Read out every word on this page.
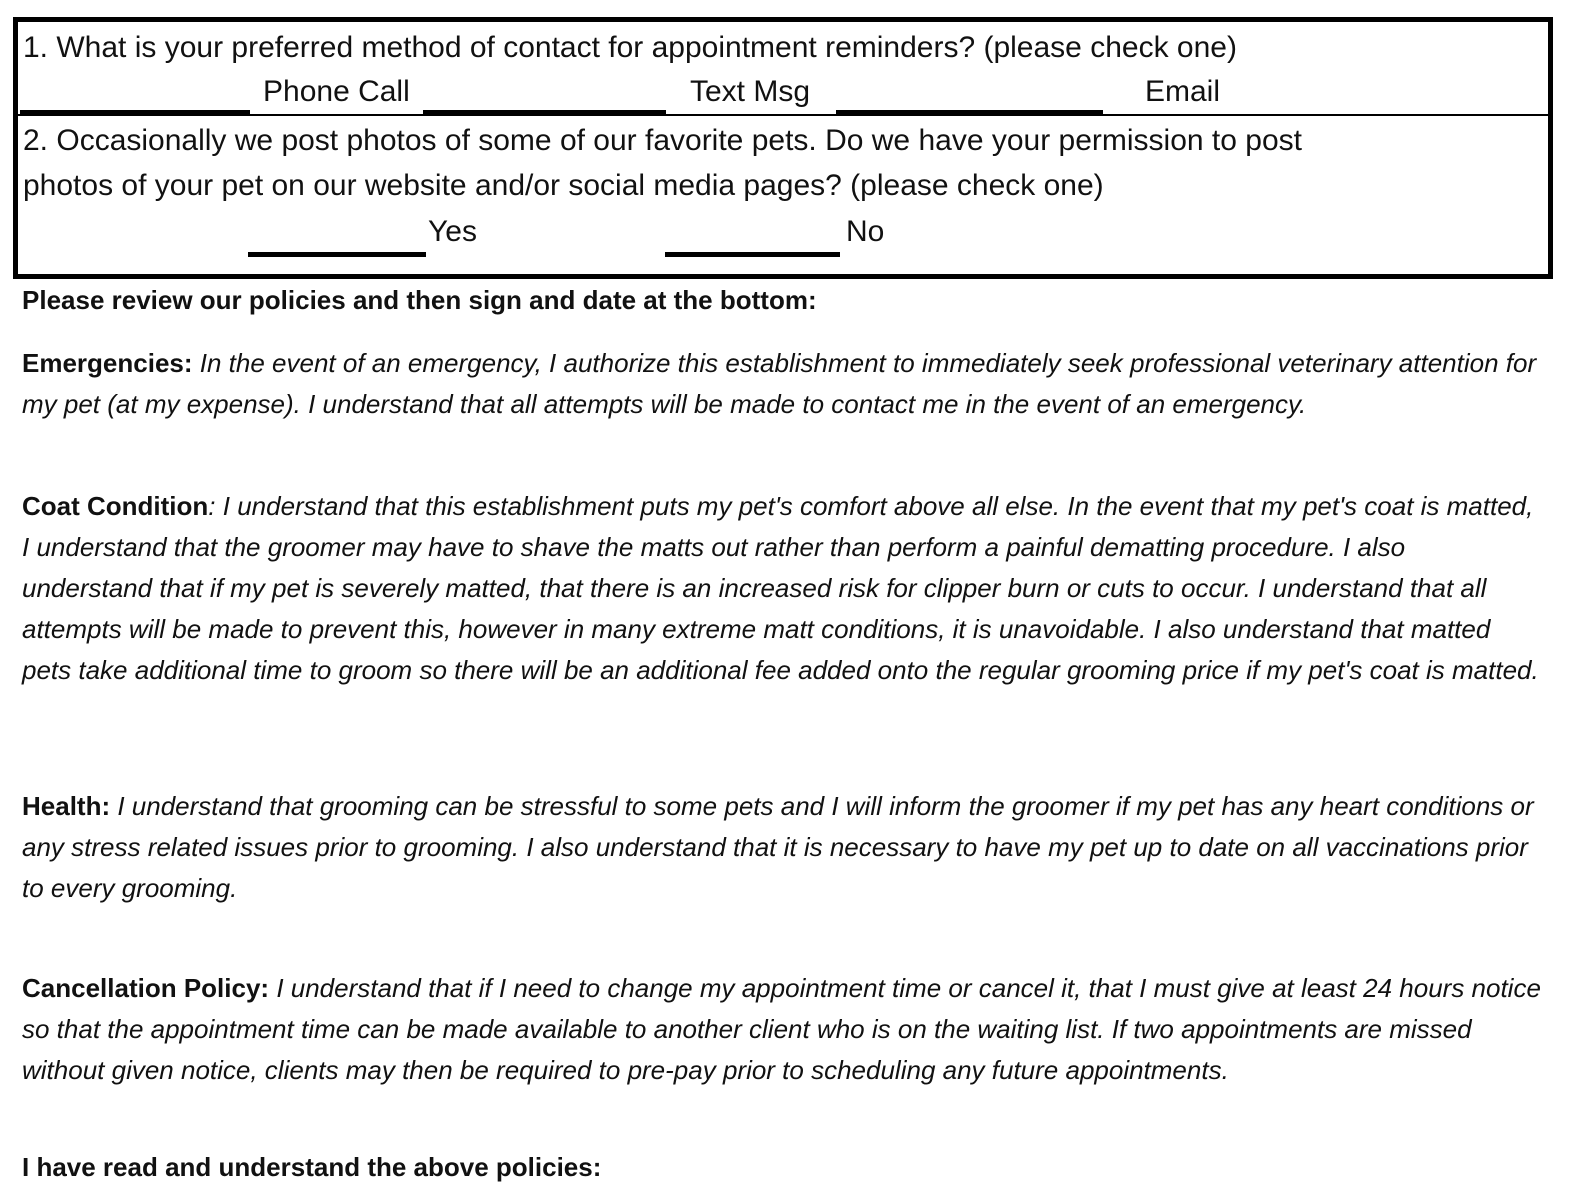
1. What is your preferred method of contact for appointment reminders? (please check one)
Phone Call	Text Msg	Email
2. Occasionally we post photos of some of our favorite pets. Do we have your permission to post
photos of your pet on our website and/or social media pages? (please check one)
Yes	No
Please review our policies and then sign and date at the bottom:

Emergencies: In the event of an emergency, I authorize this establishment to immediately seek professional veterinary attention for my pet (at my expense). I understand that all attempts will be made to contact me in the event of an emergency.

Coat Condition: I understand that this establishment puts my pet's comfort above all else. In the event that my pet's coat is matted, I understand that the groomer may have to shave the matts out rather than perform a painful dematting procedure. I also understand that if my pet is severely matted, that there is an increased risk for clipper burn or cuts to occur. I understand that all attempts will be made to prevent this, however in many extreme matt conditions, it is unavoidable. I also understand that matted pets take additional time to groom so there will be an additional fee added onto the regular grooming price if my pet's coat is matted.

Health: I understand that grooming can be stressful to some pets and I will inform the groomer if my pet has any heart conditions or any stress related issues prior to grooming. I also understand that it is necessary to have my pet up to date on all vaccinations prior to every grooming.

Cancellation Policy: I understand that if I need to change my appointment time or cancel it, that I must give at least 24 hours notice so that the appointment time can be made available to another client who is on the waiting list. If two appointments are missed without given notice, clients may then be required to pre-pay prior to scheduling any future appointments.

I have read and understand the above policies:
